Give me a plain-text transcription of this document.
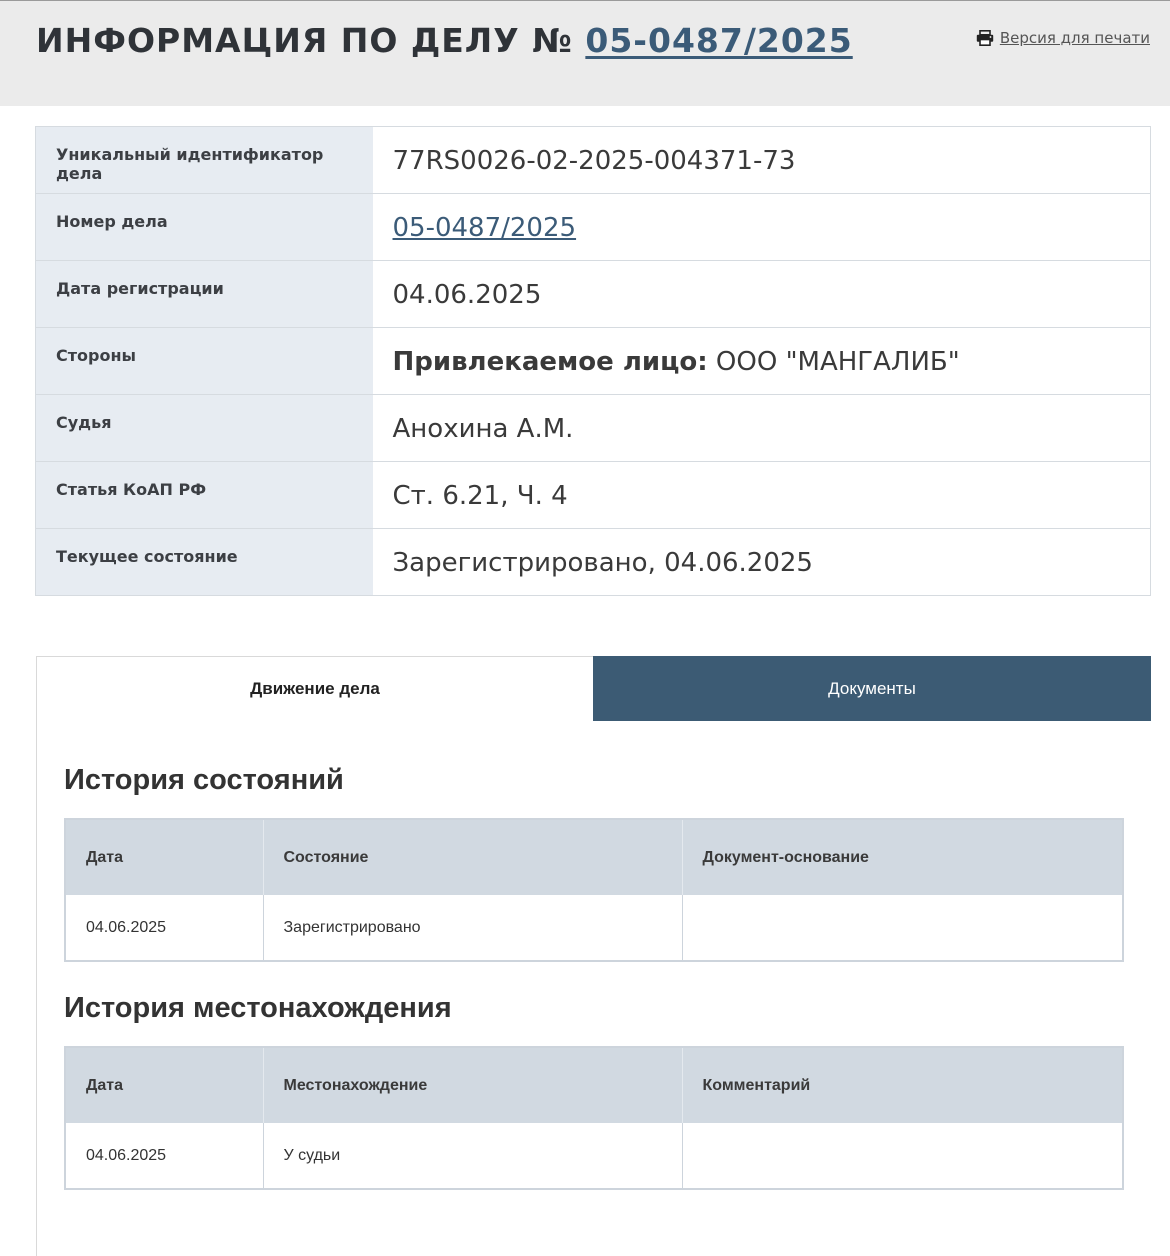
ИНФОРМАЦИЯ ПО ДЕЛУ № 05-0487/2025	Версия для печати
Уникальный идентификатор дела	77RS0026-02-2025-004371-73
Номер дела	05-0487/2025
Дата регистрации	04.06.2025
Стороны	Привлекаемое лицо: ООО "МАНГАЛИБ"
Судья	Анохина А.М.
Статья КоАП РФ	Ст. 6.21, Ч. 4
Текущее состояние	Зарегистрировано, 04.06.2025
Движение дела	Документы
История состояний
Дата	Состояние	Документ-основание
04.06.2025	Зарегистрировано	
История местонахождения
Дата	Местонахождение	Комментарий
04.06.2025	У судьи	
